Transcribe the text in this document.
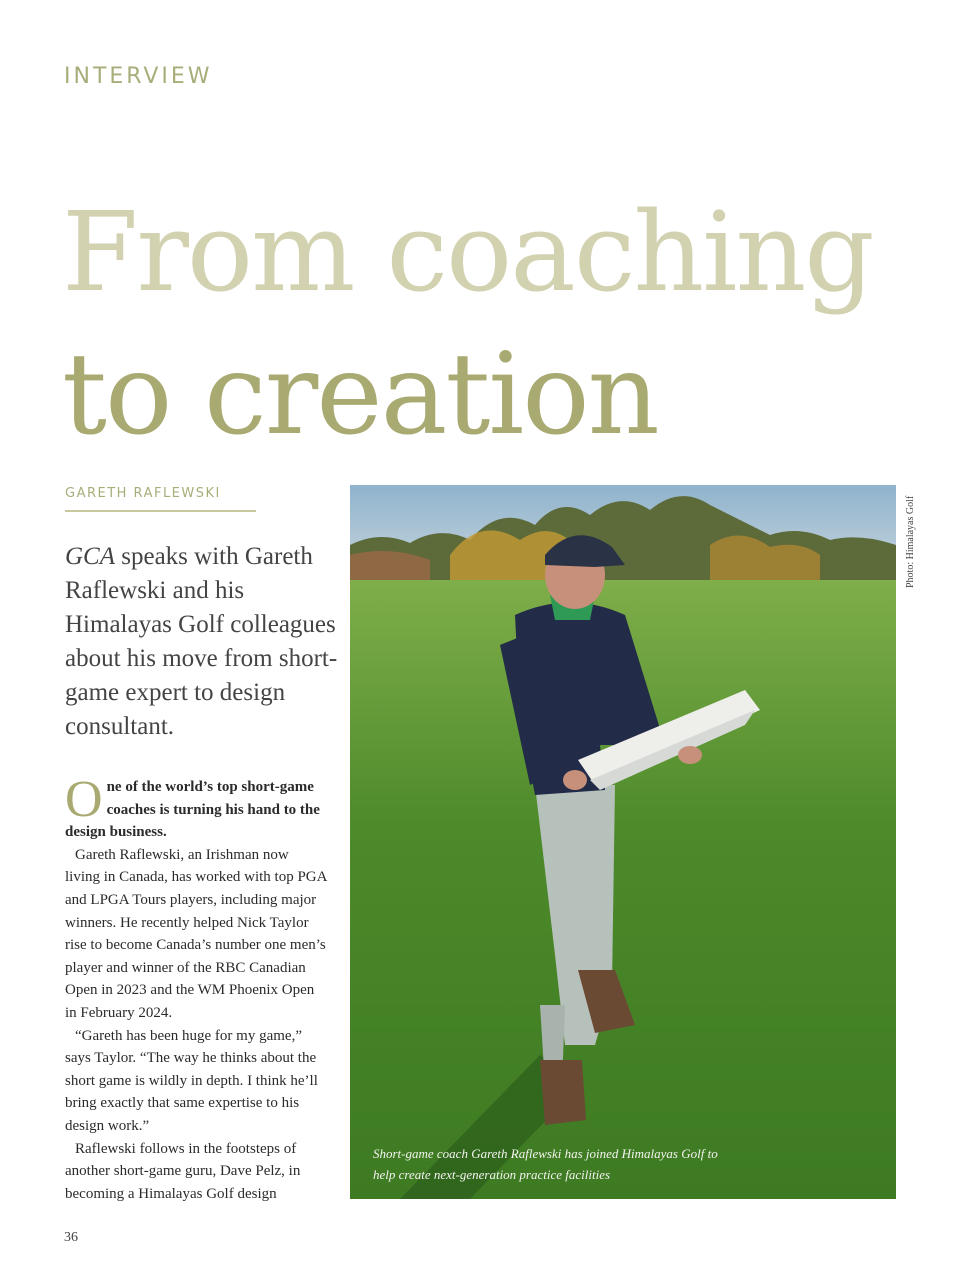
INTERVIEW
From coaching
to creation
GARETH RAFLEWSKI
GCA speaks with Gareth Raflewski and his Himalayas Golf colleagues about his move from short-game expert to design consultant.

One of the world’s top short-game coaches is turning his hand to the design business.

Gareth Raflewski, an Irishman now living in Canada, has worked with top PGA and LPGA Tours players, including major winners. He recently helped Nick Taylor rise to become Canada’s number one men’s player and winner of the RBC Canadian Open in 2023 and the WM Phoenix Open in February 2024.

“Gareth has been huge for my game,” says Taylor. “The way he thinks about the short game is wildly in depth. I think he’ll bring exactly that same expertise to his design work.”

Raflewski follows in the footsteps of another short-game guru, Dave Pelz, in becoming a Himalayas Golf design

Short-game coach Gareth Raflewski has joined Himalayas Golf to help create next-generation practice facilities
Photo: Himalayas Golf
36
